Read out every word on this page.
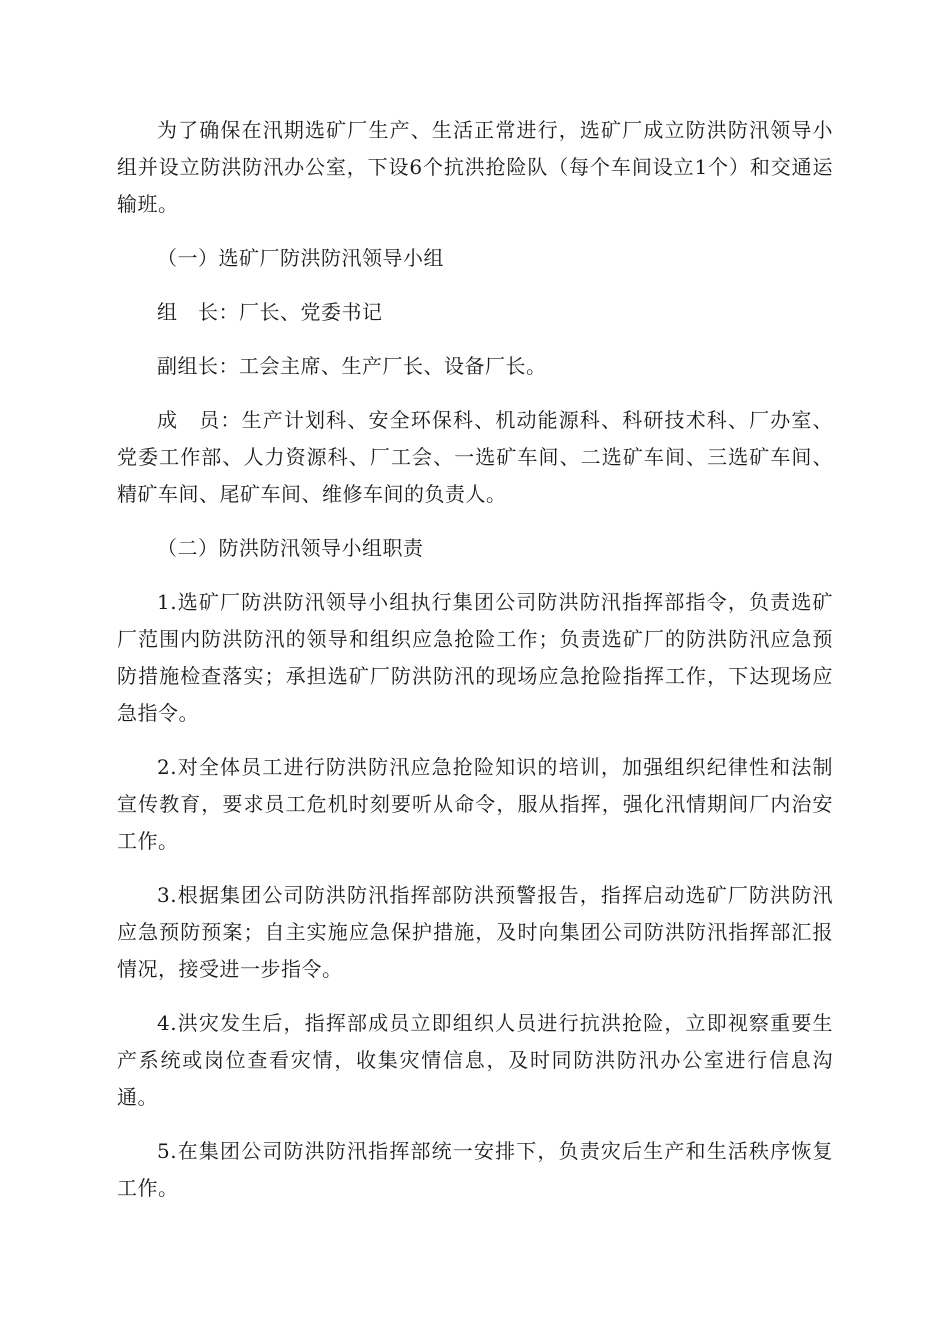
为了确保在汛期选矿厂生产、生活正常进行，选矿厂成立防洪防汛领导小组并设立防洪防汛办公室，下设6个抗洪抢险队（每个车间设立1个）和交通运输班。

（一）选矿厂防洪防汛领导小组

组　长：厂长、党委书记

副组长：工会主席、生产厂长、设备厂长。

成　员：生产计划科、安全环保科、机动能源科、科研技术科、厂办室、党委工作部、人力资源科、厂工会、一选矿车间、二选矿车间、三选矿车间、精矿车间、尾矿车间、维修车间的负责人。

（二）防洪防汛领导小组职责

1.选矿厂防洪防汛领导小组执行集团公司防洪防汛指挥部指令，负责选矿厂范围内防洪防汛的领导和组织应急抢险工作；负责选矿厂的防洪防汛应急预防措施检查落实；承担选矿厂防洪防汛的现场应急抢险指挥工作，下达现场应急指令。

2.对全体员工进行防洪防汛应急抢险知识的培训，加强组织纪律性和法制宣传教育，要求员工危机时刻要听从命令，服从指挥，强化汛情期间厂内治安工作。

3.根据集团公司防洪防汛指挥部防洪预警报告，指挥启动选矿厂防洪防汛应急预防预案；自主实施应急保护措施，及时向集团公司防洪防汛指挥部汇报情况，接受进一步指令。

4.洪灾发生后，指挥部成员立即组织人员进行抗洪抢险，立即视察重要生产系统或岗位查看灾情，收集灾情信息，及时同防洪防汛办公室进行信息沟通。

5.在集团公司防洪防汛指挥部统一安排下，负责灾后生产和生活秩序恢复工作。
